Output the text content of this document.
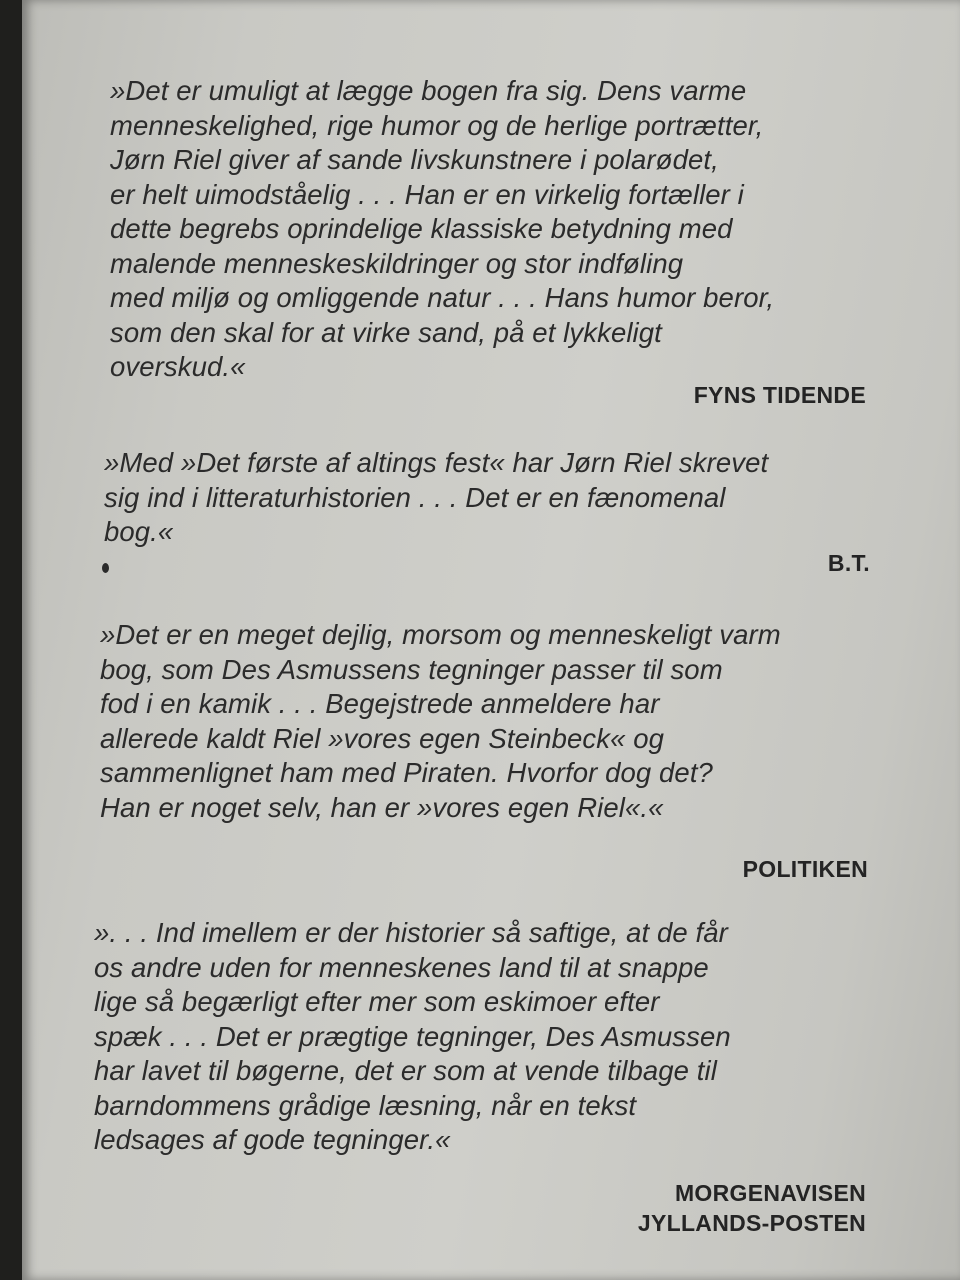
»Det er umuligt at lægge bogen fra sig. Dens varme
menneskelighed, rige humor og de herlige portrætter,
Jørn Riel giver af sande livskunstnere i polarødet,
er helt uimodståelig . . . Han er en virkelig fortæller i
dette begrebs oprindelige klassiske betydning med
malende menneskeskildringer og stor indføling
med miljø og omliggende natur . . . Hans humor beror,
som den skal for at virke sand, på et lykkeligt
overskud.«
FYNS TIDENDE
»Med »Det første af altings fest« har Jørn Riel skrevet
sig ind i litteraturhistorien . . . Det er en fænomenal
bog.«
B.T.
»Det er en meget dejlig, morsom og menneskeligt varm
bog, som Des Asmussens tegninger passer til som
fod i en kamik . . . Begejstrede anmeldere har
allerede kaldt Riel »vores egen Steinbeck« og
sammenlignet ham med Piraten. Hvorfor dog det?
Han er noget selv, han er »vores egen Riel«.«
POLITIKEN
». . . Ind imellem er der historier så saftige, at de får
os andre uden for menneskenes land til at snappe
lige så begærligt efter mer som eskimoer efter
spæk . . . Det er prægtige tegninger, Des Asmussen
har lavet til bøgerne, det er som at vende tilbage til
barndommens grådige læsning, når en tekst
ledsages af gode tegninger.«
MORGENAVISEN
JYLLANDS-POSTEN
